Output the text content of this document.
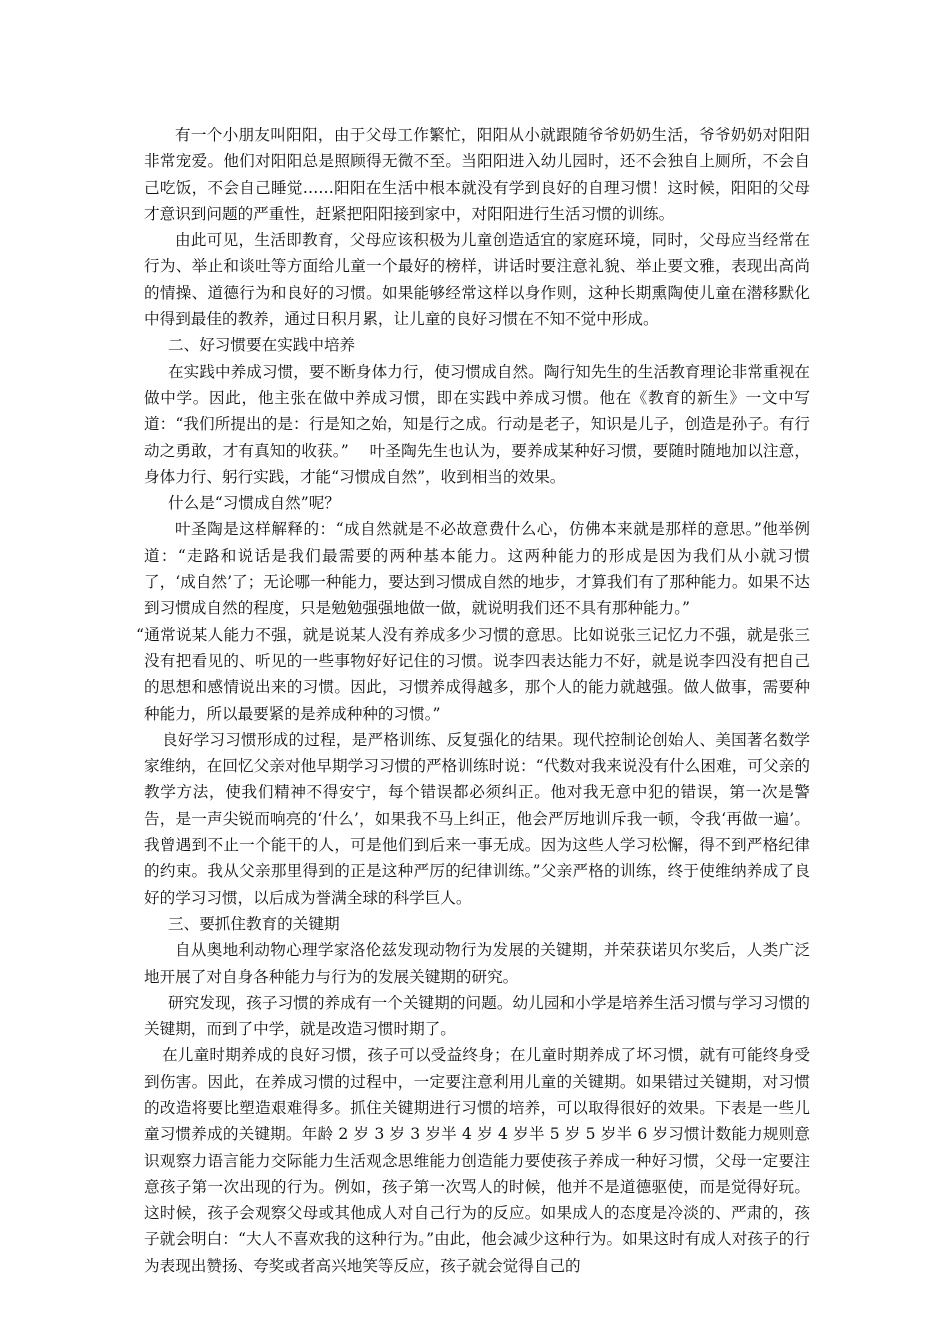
有一个小朋友叫阳阳，由于父母工作繁忙，阳阳从小就跟随爷爷奶奶生活，爷爷奶奶对阳阳非常宠爱。他们对阳阳总是照顾得无微不至。当阳阳进入幼儿园时，还不会独自上厕所，不会自己吃饭，不会自己睡觉……阳阳在生活中根本就没有学到良好的自理习惯！这时候，阳阳的父母才意识到问题的严重性，赶紧把阳阳接到家中，对阳阳进行生活习惯的训练。

由此可见，生活即教育，父母应该积极为儿童创造适宜的家庭环境，同时，父母应当经常在行为、举止和谈吐等方面给儿童一个最好的榜样，讲话时要注意礼貌、举止要文雅，表现出高尚的情操、道德行为和良好的习惯。如果能够经常这样以身作则，这种长期熏陶使儿童在潜移默化中得到最佳的教养，通过日积月累，让儿童的良好习惯在不知不觉中形成。

二、好习惯要在实践中培养

在实践中养成习惯，要不断身体力行，使习惯成自然。陶行知先生的生活教育理论非常重视在做中学。因此，他主张在做中养成习惯，即在实践中养成习惯。他在《教育的新生》一文中写道：“我们所提出的是：行是知之始，知是行之成。行动是老子，知识是儿子，创造是孙子。有行动之勇敢，才有真知的收获。”　 叶圣陶先生也认为，要养成某种好习惯，要随时随地加以注意，身体力行、躬行实践，才能“习惯成自然”，收到相当的效果。

什么是“习惯成自然”呢？

叶圣陶是这样解释的：“成自然就是不必故意费什么心，仿佛本来就是那样的意思。”他举例道：“走路和说话是我们最需要的两种基本能力。这两种能力的形成是因为我们从小就习惯了，‘成自然’了；无论哪一种能力，要达到习惯成自然的地步，才算我们有了那种能力。如果不达到习惯成自然的程度，只是勉勉强强地做一做，就说明我们还不具有那种能力。”

“通常说某人能力不强，就是说某人没有养成多少习惯的意思。比如说张三记忆力不强，就是张三没有把看见的、听见的一些事物好好记住的习惯。说李四表达能力不好，就是说李四没有把自己的思想和感情说出来的习惯。因此，习惯养成得越多，那个人的能力就越强。做人做事，需要种种能力，所以最要紧的是养成种种的习惯。”

良好学习习惯形成的过程，是严格训练、反复强化的结果。现代控制论创始人、美国著名数学家维纳，在回忆父亲对他早期学习习惯的严格训练时说：“代数对我来说没有什么困难，可父亲的教学方法，使我们精神不得安宁，每个错误都必须纠正。他对我无意中犯的错误，第一次是警告，是一声尖锐而响亮的‘什么’，如果我不马上纠正，他会严厉地训斥我一顿，令我‘再做一遍’。我曾遇到不止一个能干的人，可是他们到后来一事无成。因为这些人学习松懈，得不到严格纪律的约束。我从父亲那里得到的正是这种严厉的纪律训练。”父亲严格的训练，终于使维纳养成了良好的学习习惯，以后成为誉满全球的科学巨人。

三、要抓住教育的关键期

自从奥地利动物心理学家洛伦兹发现动物行为发展的关键期，并荣获诺贝尔奖后，人类广泛地开展了对自身各种能力与行为的发展关键期的研究。

研究发现，孩子习惯的养成有一个关键期的问题。幼儿园和小学是培养生活习惯与学习习惯的关键期，而到了中学，就是改造习惯时期了。

在儿童时期养成的良好习惯，孩子可以受益终身；在儿童时期养成了坏习惯，就有可能终身受到伤害。因此，在养成习惯的过程中，一定要注意利用儿童的关键期。如果错过关键期，对习惯的改造将要比塑造艰难得多。抓住关键期进行习惯的培养，可以取得很好的效果。下表是一些儿童习惯养成的关键期。年龄 2 岁 3 岁 3 岁半 4 岁 4 岁半 5 岁 5 岁半 6 岁习惯计数能力规则意识观察力语言能力交际能力生活观念思维能力创造能力要使孩子养成一种好习惯，父母一定要注意孩子第一次出现的行为。例如，孩子第一次骂人的时候，他并不是道德驱使，而是觉得好玩。这时候，孩子会观察父母或其他成人对自己行为的反应。如果成人的态度是冷淡的、严肃的，孩子就会明白：“大人不喜欢我的这种行为。”由此，他会减少这种行为。如果这时有成人对孩子的行为表现出赞扬、夸奖或者高兴地笑等反应，孩子就会觉得自己的
